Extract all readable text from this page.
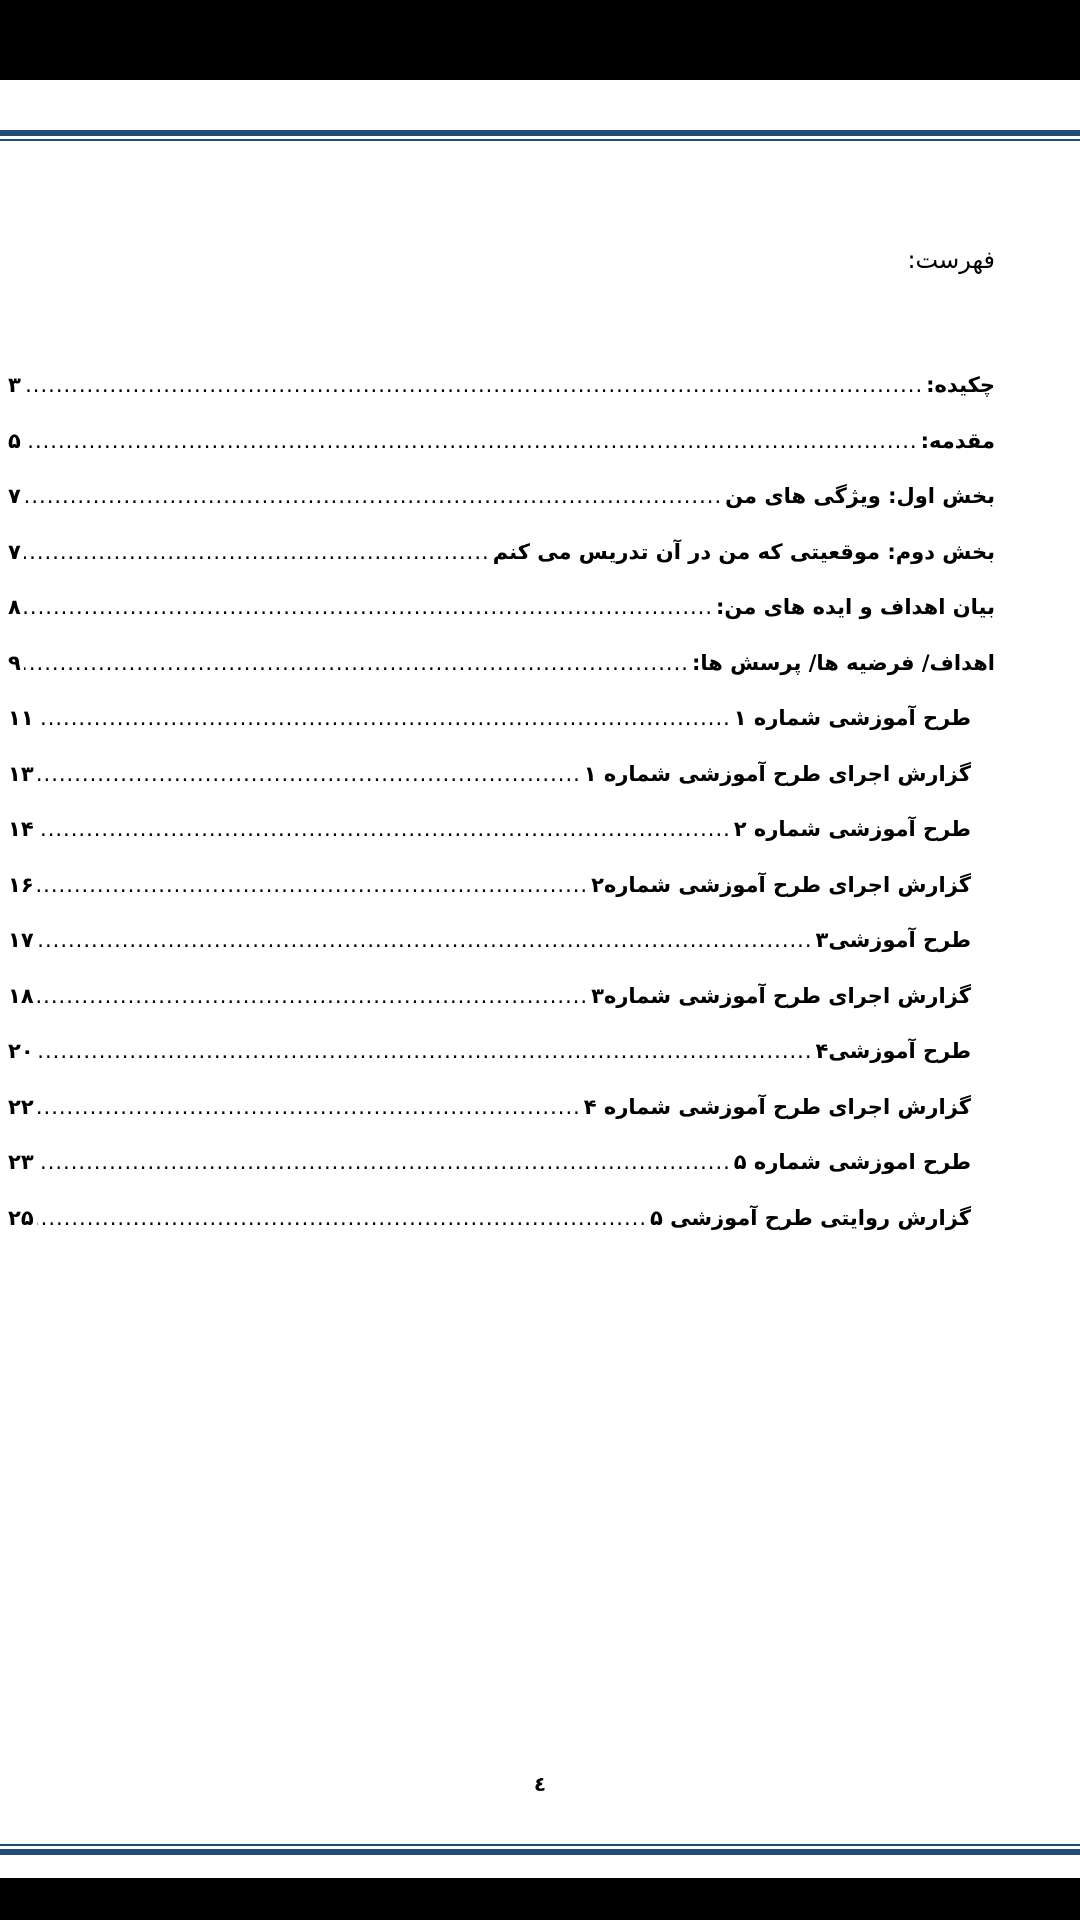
فهرست:
چکیده:
.....
۳
مقدمه:
.....
۵
بخش اول: ویژگی های من
.....
۷
بخش دوم: موقعیتی که من در آن تدریس می کنم
.....
۷
بیان اهداف و ایده های من:
.....
۸
اهداف/ فرضیه ها/ پرسش ها:
.....
۹
طرح آموزشی شماره ۱
.....
۱۱
گزارش اجرای طرح آموزشی شماره ۱
.....
۱۳
طرح آموزشی شماره ۲
.....
۱۴
گزارش اجرای طرح آموزشی شماره۲
.....
۱۶
طرح آموزشی۳
.....
۱۷
گزارش اجرای طرح آموزشی شماره۳
.....
۱۸
طرح آموزشی۴
.....
۲۰
گزارش اجرای طرح آموزشی شماره ۴
.....
۲۲
طرح اموزشی شماره ۵
.....
۲۳
گزارش روایتی طرح آموزشی ۵
.....
۲۵
٤
